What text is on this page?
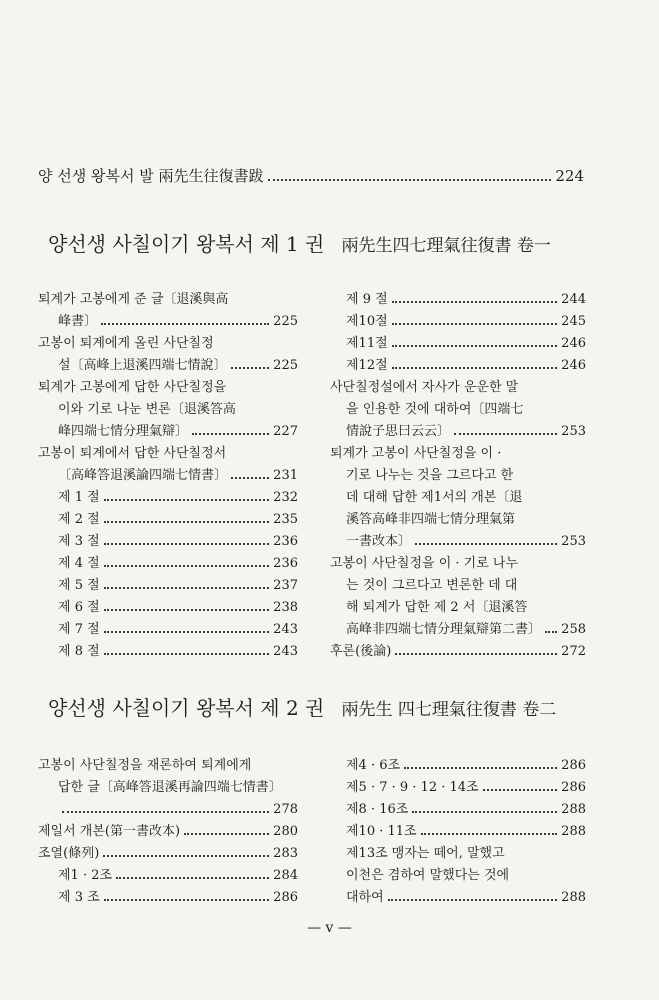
양 선생 왕복서 발 兩先生往復書跋	224
양선생 사칠이기 왕복서 제 1 권 兩先生四七理氣往復書 卷一
퇴계가 고봉에게 준 글〔退溪與高
峰書〕	225
고봉이 퇴계에게 올린 사단칠정
설〔高峰上退溪四端七情說〕	225
퇴계가 고봉에게 답한 사단칠정을
이와 기로 나눈 변론〔退溪答高
峰四端七情分理氣辯〕	227
고봉이 퇴계에서 답한 사단칠정서
〔高峰答退溪論四端七情書〕	231
제 1 절	232
제 2 절	235
제 3 절	236
제 4 절	236
제 5 절	237
제 6 절	238
제 7 절	243
제 8 절	243
제 9 절	244
제10절	245
제11절	246
제12절	246
사단칠정설에서 자사가 운운한 말
을 인용한 것에 대하여〔四端七
情說子思曰云云〕	253
퇴계가 고봉이 사단칠정을 이 ·
기로 나누는 것을 그르다고 한
데 대해 답한 제1서의 개본〔退
溪答高峰非四端七情分理氣第
一書改本〕	253
고봉이 사단칠정을 이 · 기로 나누
는 것이 그르다고 변론한 데 대
해 퇴계가 답한 제 2 서〔退溪答
高峰非四端七情分理氣辯第二書〕 258
후론(後論)	272
양선생 사칠이기 왕복서 제 2 권 兩先生 四七理氣往復書 卷二
고봉이 사단칠정을 재론하여 퇴계에게
답한 글〔高峰答退溪再論四端七情書〕
278
제일서 개본(第一書改本)	280
조열(條列)	283
제1 · 2조	284
제 3 조	286
제4 · 6조	286
제5 · 7 · 9 · 12 · 14조	286
제8 · 16조	288
제10 · 11조	288
제13조 맹자는 떼어, 말했고
이천은 겸하여 말했다는 것에
대하여	288
— v —
